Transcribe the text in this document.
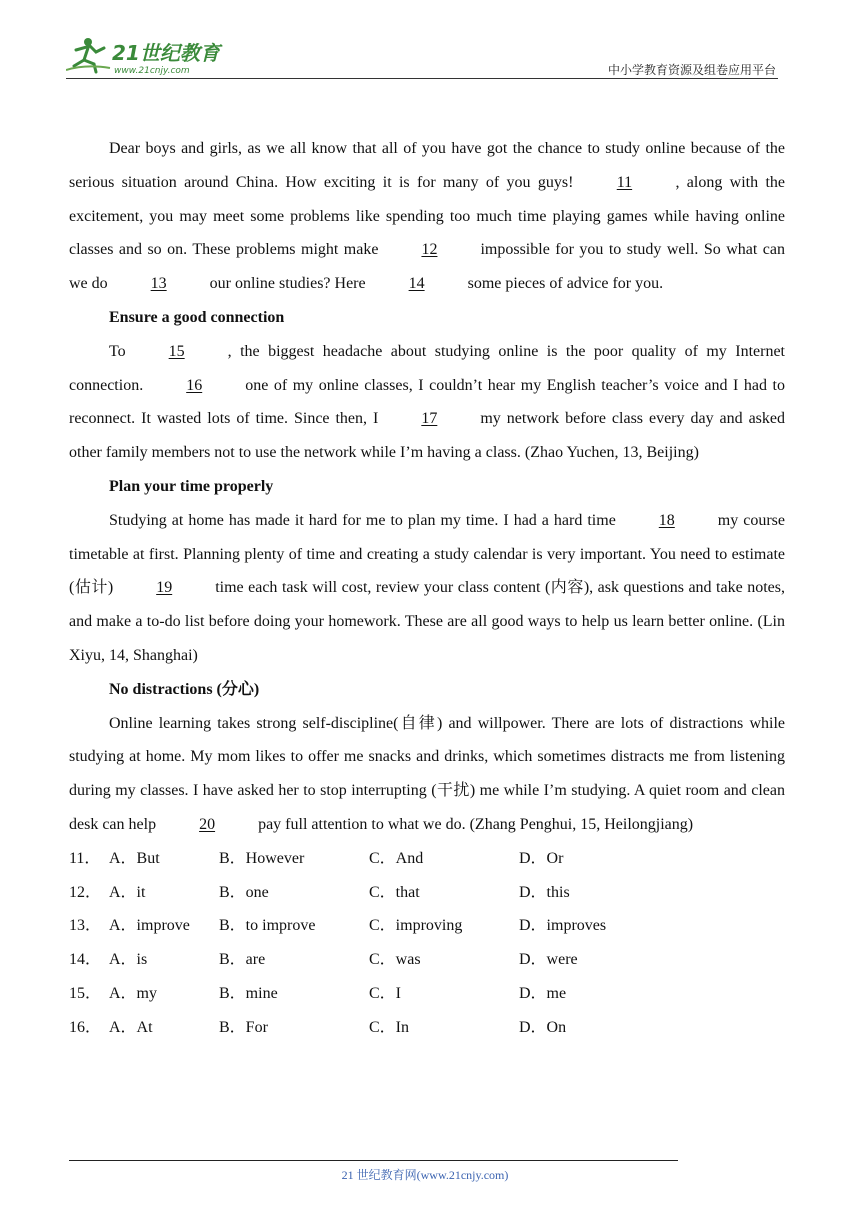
21世纪教育
www.21cnjy.com	中小学教育资源及组卷应用平台

Dear boys and girls, as we all know that all of you have got the chance to study online because of the serious situation around China. How exciting it is for many of you guys!	11	, along with the excitement, you may meet some problems like spending too much time playing games while having online classes and so on. These problems might make	12	impossible for you to study well. So what can we do	13	our online studies? Here	14	some pieces of advice for you.

Ensure a good connection

To	15	, the biggest headache about studying online is the poor quality of my Internet connection.	16	one of my online classes, I couldn’t hear my English teacher’s voice and I had to reconnect. It wasted lots of time. Since then, I	17	my network before class every day and asked other family members not to use the network while I’m having a class. (Zhao Yuchen, 13, Beijing)

Plan your time properly

Studying at home has made it hard for me to plan my time. I had a hard time	18	my course timetable at first. Planning plenty of time and creating a study calendar is very important. You need to estimate (估计)	19	time each task will cost, review your class content (内容), ask questions and take notes, and make a to-do list before doing your homework. These are all good ways to help us learn better online. (Lin Xiyu, 14, Shanghai)

No distractions (分心)

Online learning takes strong self-discipline(自律) and willpower. There are lots of distractions while studying at home. My mom likes to offer me snacks and drinks, which sometimes distracts me from listening during my classes. I have asked her to stop interrupting (干扰) me while I’m studying. A quiet room and clean desk can help	20	pay full attention to what we do. (Zhang Penghui, 15, Heilongjiang)

11． A．But	B．However	C．And	D．Or
12． A．it	B．one	C．that	D．this
13． A．improve	B．to improve	C．improving	D．improves
14． A．is	B．are	C．was	D．were
15． A．my	B．mine	C．I	D．me
16． A．At	B．For	C．In	D．On
21 世纪教育网(www.21cnjy.com)
